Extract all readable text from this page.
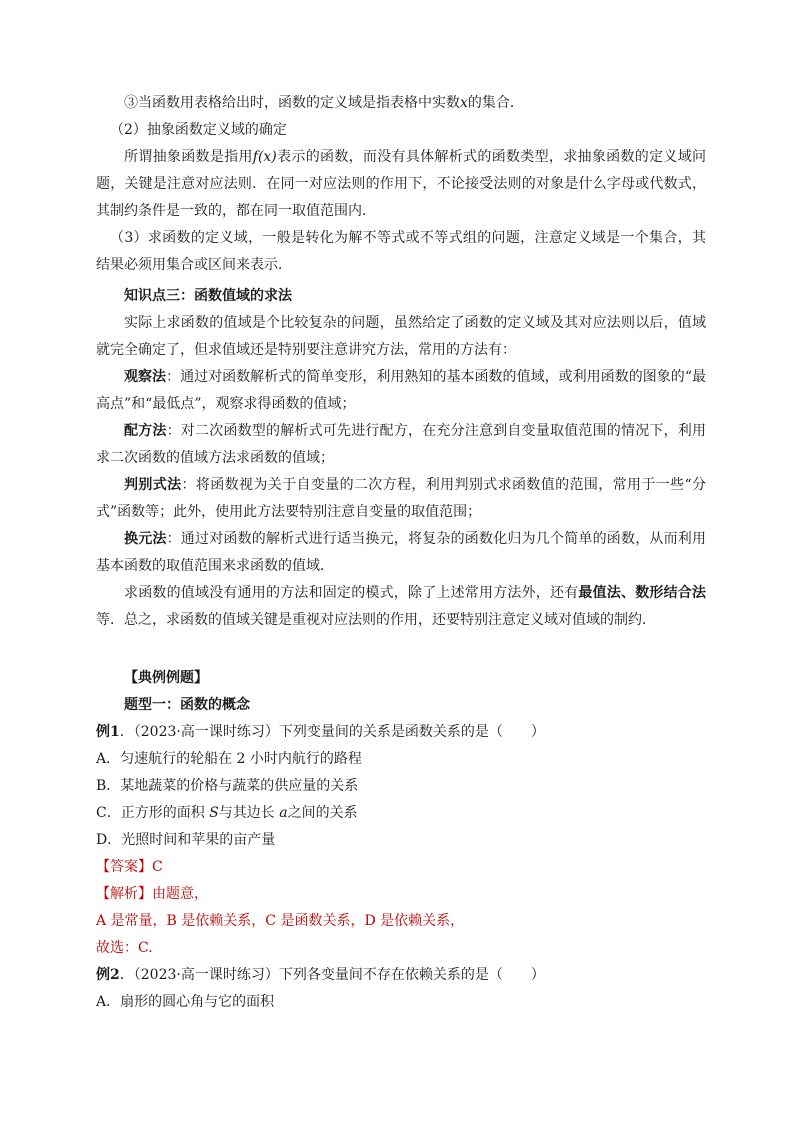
③当函数用表格给出时，函数的定义域是指表格中实数x的集合．

（2）抽象函数定义域的确定

所谓抽象函数是指用f(x)表示的函数，而没有具体解析式的函数类型，求抽象函数的定义域问题，关键是注意对应法则．在同一对应法则的作用下，不论接受法则的对象是什么字母或代数式，其制约条件是一致的，都在同一取值范围内．

（3）求函数的定义域，一般是转化为解不等式或不等式组的问题，注意定义域是一个集合，其结果必须用集合或区间来表示．

知识点三：函数值域的求法

实际上求函数的值域是个比较复杂的问题，虽然给定了函数的定义域及其对应法则以后，值域就完全确定了，但求值域还是特别要注意讲究方法，常用的方法有：

观察法：通过对函数解析式的简单变形，利用熟知的基本函数的值域，或利用函数的图象的“最高点”和“最低点”，观察求得函数的值域；

配方法：对二次函数型的解析式可先进行配方，在充分注意到自变量取值范围的情况下，利用求二次函数的值域方法求函数的值域；

判别式法：将函数视为关于自变量的二次方程，利用判别式求函数值的范围，常用于一些“分式”函数等；此外，使用此方法要特别注意自变量的取值范围；

换元法：通过对函数的解析式进行适当换元，将复杂的函数化归为几个简单的函数，从而利用基本函数的取值范围来求函数的值域．

求函数的值域没有通用的方法和固定的模式，除了上述常用方法外，还有最值法、数形结合法等．总之，求函数的值域关键是重视对应法则的作用，还要特别注意定义域对值域的制约．

【典例例题】

题型一：函数的概念

例1．（2023·高一课时练习）下列变量间的关系是函数关系的是（　　）

A．匀速航行的轮船在 2 小时内航行的路程

B．某地蔬菜的价格与蔬菜的供应量的关系

C．正方形的面积 S与其边长 a之间的关系

D．光照时间和苹果的亩产量

【答案】C

【解析】由题意，

A 是常量，B 是依赖关系，C 是函数关系，D 是依赖关系，

故选：C.

例2．（2023·高一课时练习）下列各变量间不存在依赖关系的是（　　）

A．扇形的圆心角与它的面积
